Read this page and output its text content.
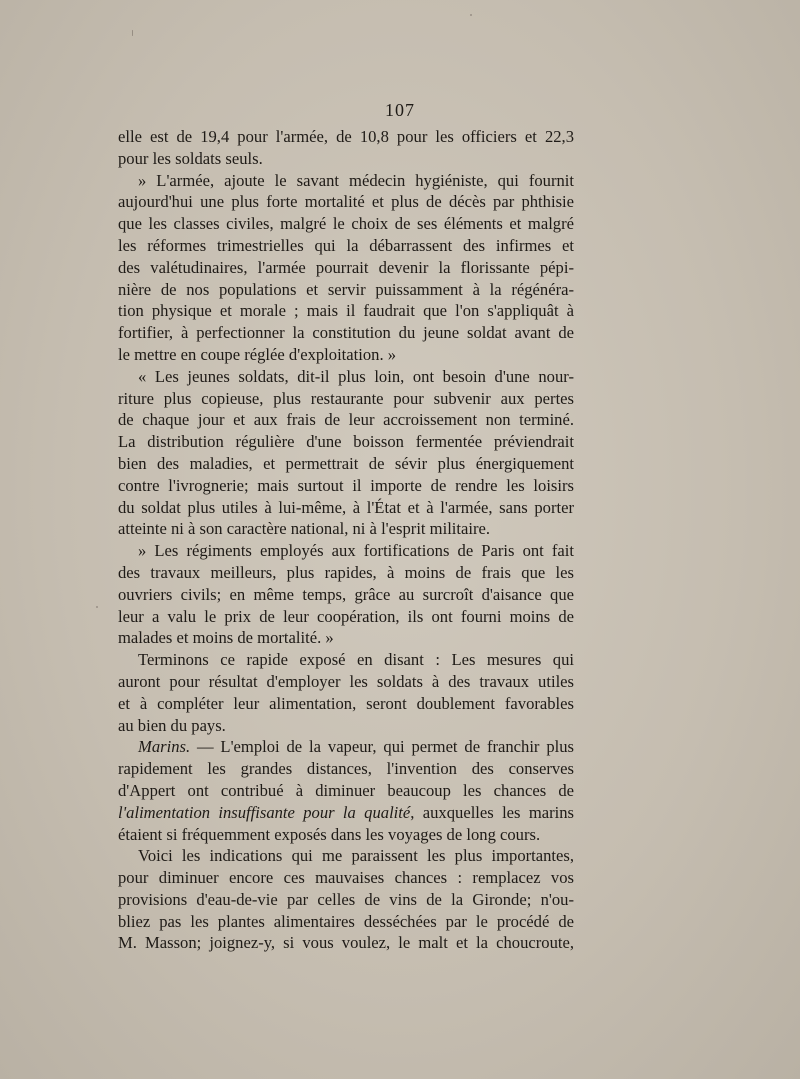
107
elle est de 19,4 pour l'armée, de 10,8 pour les officiers et 22,3
pour les soldats seuls.
» L'armée, ajoute le savant médecin hygiéniste, qui fournit
aujourd'hui une plus forte mortalité et plus de décès par phthisie
que les classes civiles, malgré le choix de ses éléments et malgré
les réformes trimestrielles qui la débarrassent des infirmes et
des valétudinaires, l'armée pourrait devenir la florissante pépi-
nière de nos populations et servir puissamment à la régénéra-
tion physique et morale ; mais il faudrait que l'on s'appliquât à
fortifier, à perfectionner la constitution du jeune soldat avant de
le mettre en coupe réglée d'exploitation. »
« Les jeunes soldats, dit-il plus loin, ont besoin d'une nour-
riture plus copieuse, plus restaurante pour subvenir aux pertes
de chaque jour et aux frais de leur accroissement non terminé.
La distribution régulière d'une boisson fermentée préviendrait
bien des maladies, et permettrait de sévir plus énergiquement
contre l'ivrognerie; mais surtout il importe de rendre les loisirs
du soldat plus utiles à lui-même, à l'État et à l'armée, sans porter
atteinte ni à son caractère national, ni à l'esprit militaire.
» Les régiments employés aux fortifications de Paris ont fait
des travaux meilleurs, plus rapides, à moins de frais que les
ouvriers civils; en même temps, grâce au surcroît d'aisance que
leur a valu le prix de leur coopération, ils ont fourni moins de
malades et moins de mortalité. »
Terminons ce rapide exposé en disant : Les mesures qui
auront pour résultat d'employer les soldats à des travaux utiles
et à compléter leur alimentation, seront doublement favorables
au bien du pays.
Marins. — L'emploi de la vapeur, qui permet de franchir plus
rapidement les grandes distances, l'invention des conserves
d'Appert ont contribué à diminuer beaucoup les chances de
l'alimentation insuffisante pour la qualité, auxquelles les marins
étaient si fréquemment exposés dans les voyages de long cours.
Voici les indications qui me paraissent les plus importantes,
pour diminuer encore ces mauvaises chances : remplacez vos
provisions d'eau-de-vie par celles de vins de la Gironde; n'ou-
bliez pas les plantes alimentaires desséchées par le procédé de
M. Masson; joignez-y, si vous voulez, le malt et la choucroute,
